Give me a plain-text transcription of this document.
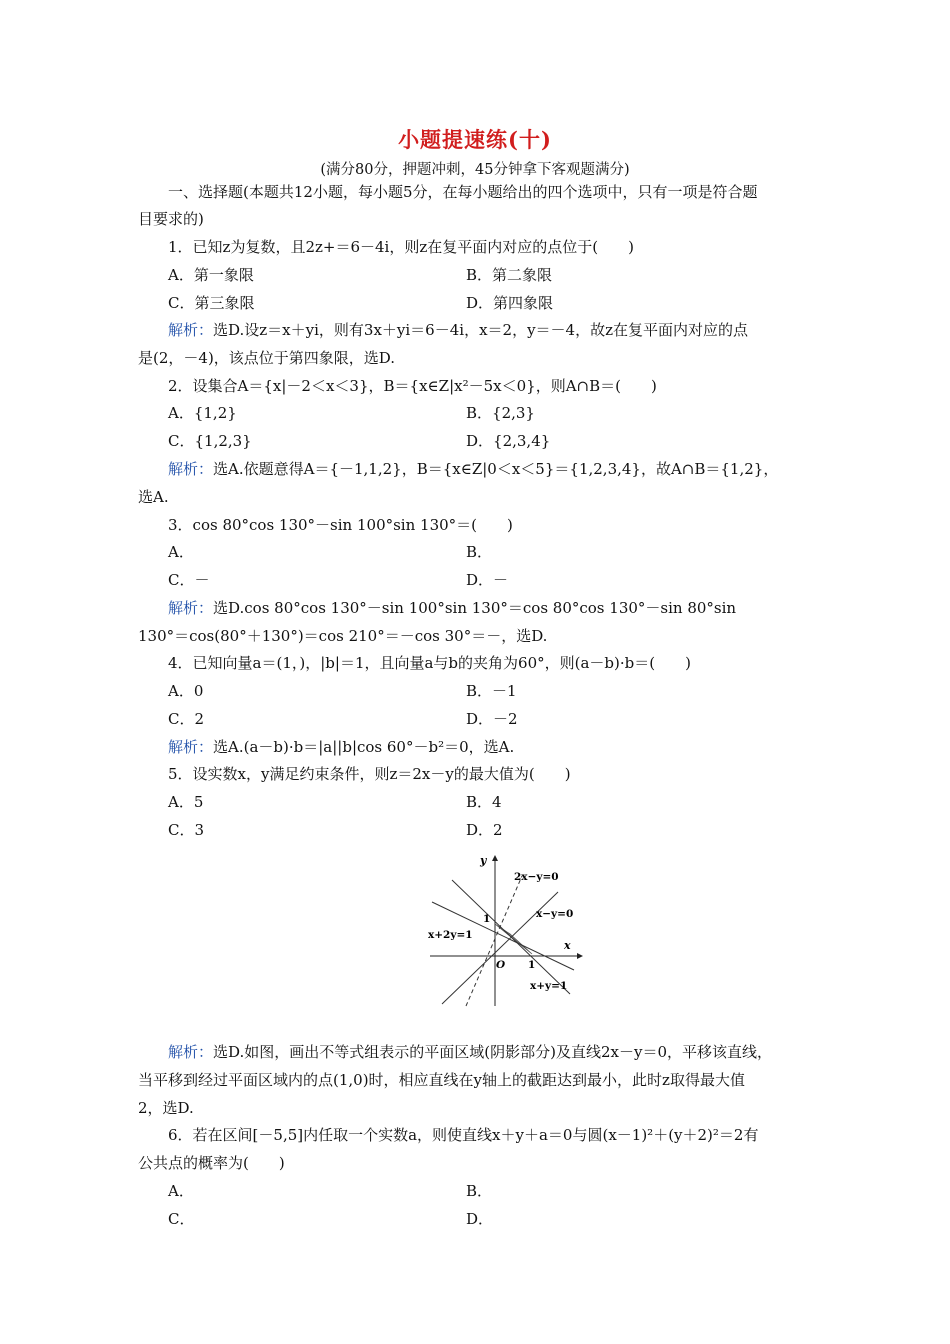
小题提速练(十)
(满分80分，押题冲刺，45分钟拿下客观题满分)
一、选择题(本题共12小题，每小题5分，在每小题给出的四个选项中，只有一项是符合题
目要求的)
1．已知z为复数，且2z+＝6－4i，则z在复平面内对应的点位于(　　)
A．第一象限	B．第二象限
C．第三象限	D．第四象限
解析：选D.设z＝x＋yi，则有3x＋yi＝6－4i，x＝2，y＝－4，故z在复平面内对应的点
是(2，－4)，该点位于第四象限，选D.
2．设集合A＝{x|－2＜x＜3}，B＝{x∈Z|x²－5x＜0}，则A∩B＝(　　)
A．{1,2}	B．{2,3}
C．{1,2,3}	D．{2,3,4}
解析：选A.依题意得A＝{－1,1,2}，B＝{x∈Z|0＜x＜5}＝{1,2,3,4}，故A∩B＝{1,2}，
选A.
3．cos 80°cos 130°－sin 100°sin 130°＝(　　)
A．	B．
C．－	D．－
解析：选D.cos 80°cos 130°－sin 100°sin 130°＝cos 80°cos 130°－sin 80°sin
130°＝cos(80°＋130°)＝cos 210°＝－cos 30°＝－，选D.
4．已知向量a＝(1，)，|b|＝1，且向量a与b的夹角为60°，则(a－b)·b＝(　　)
A．0	B．－1
C．2	D．－2
解析：选A.(a－b)·b＝|a||b|cos 60°－b²＝0，选A.
5．设实数x，y满足约束条件，则z＝2x－y的最大值为(　　)
A．5	B．4
C．3	D．2
y
x
2x−y=0
x−y=0
x+2y=1
x+y=1
1
1
O
解析：选D.如图，画出不等式组表示的平面区域(阴影部分)及直线2x－y＝0，平移该直线，
当平移到经过平面区域内的点(1,0)时，相应直线在y轴上的截距达到最小，此时z取得最大值
2，选D.
6．若在区间[－5,5]内任取一个实数a，则使直线x＋y＋a＝0与圆(x－1)²＋(y＋2)²＝2有
公共点的概率为(　　)
A．	B．
C．	D．
